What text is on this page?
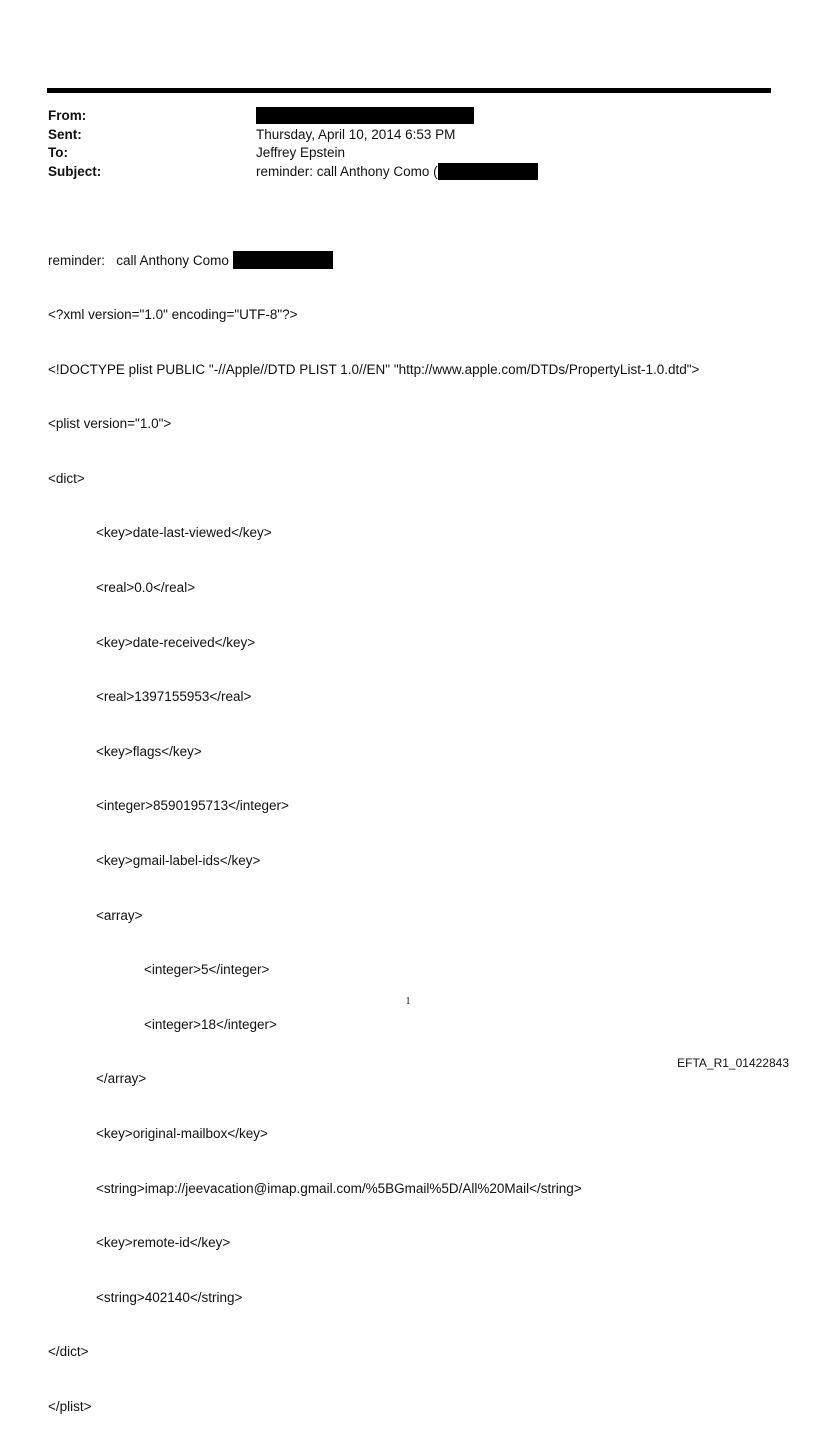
From:
Sent:	Thursday, April 10, 2014 6:53 PM
To:	Jeffrey Epstein
Subject:	reminder: call Anthony Como (

reminder:   call Anthony Como

<?xml version="1.0" encoding="UTF-8"?>

<!DOCTYPE plist PUBLIC "-//Apple//DTD PLIST 1.0//EN" "http://www.apple.com/DTDs/PropertyList-1.0.dtd">

<plist version="1.0">

<dict>

<key>date-last-viewed</key>

<real>0.0</real>

<key>date-received</key>

<real>1397155953</real>

<key>flags</key>

<integer>8590195713</integer>

<key>gmail-label-ids</key>

<array>

<integer>5</integer>

<integer>18</integer>

</array>

<key>original-mailbox</key>

<string>imap://jeevacation@imap.gmail.com/%5BGmail%5D/All%20Mail</string>

<key>remote-id</key>

<string>402140</string>

</dict>

</plist>

1
EFTA_R1_01422843
